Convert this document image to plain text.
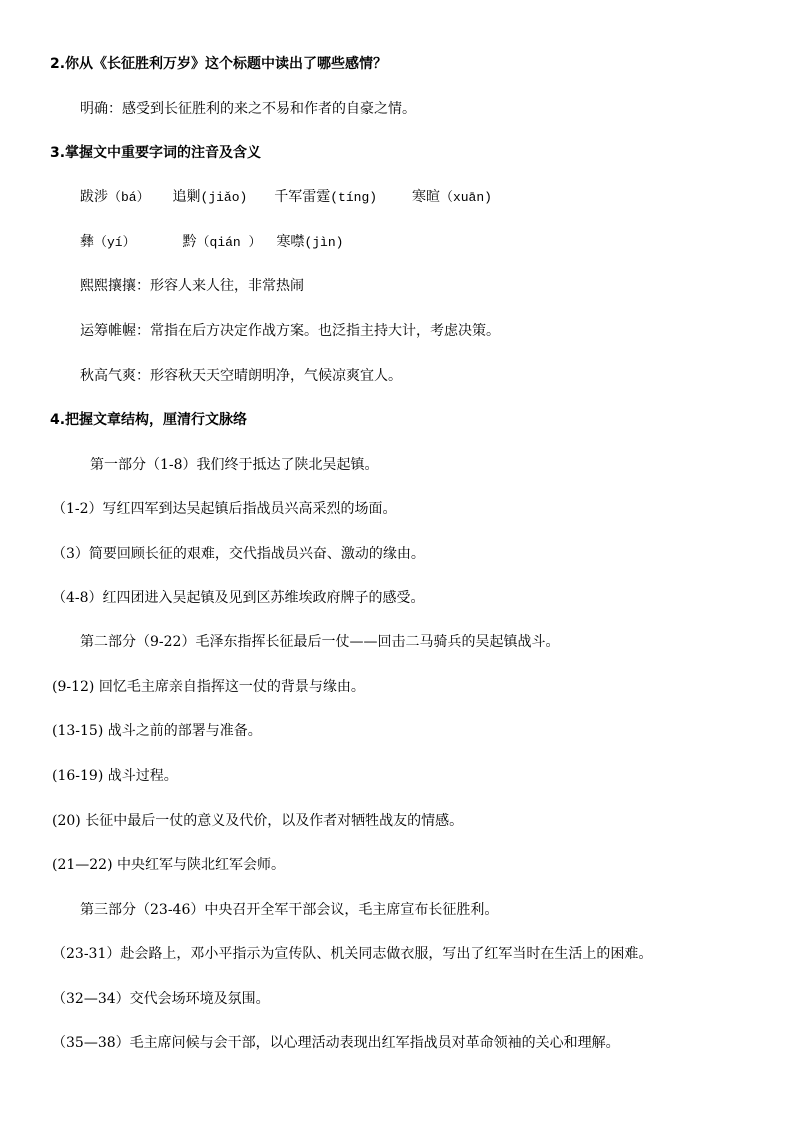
2.你从《长征胜利万岁》这个标题中读出了哪些感情？
明确：感受到长征胜利的来之不易和作者的自豪之情。
3.掌握文中重要字词的注音及含义
跋涉（bá） 追剿(jiǎo) 千军雷霆(tíng) 寒暄（xuān)
彝（yí）	黔（qián ） 寒噤(jìn)
熙熙攘攘：形容人来人往，非常热闹
运筹帷幄：常指在后方决定作战方案。也泛指主持大计，考虑决策。
秋高气爽：形容秋天天空晴朗明净，气候凉爽宜人。
4.把握文章结构，厘清行文脉络
第一部分（1-8）我们终于抵达了陕北吴起镇。
（1-2）写红四军到达吴起镇后指战员兴高采烈的场面。
（3）简要回顾长征的艰难，交代指战员兴奋、激动的缘由。
（4-8）红四团进入吴起镇及见到区苏维埃政府牌子的感受。
第二部分（9-22）毛泽东指挥长征最后一仗——回击二马骑兵的吴起镇战斗。
(9-12) 回忆毛主席亲自指挥这一仗的背景与缘由。
(13-15) 战斗之前的部署与准备。
(16-19) 战斗过程。
(20) 长征中最后一仗的意义及代价，以及作者对牺牲战友的情感。
(21—22) 中央红军与陕北红军会师。
第三部分（23-46）中央召开全军干部会议，毛主席宣布长征胜利。
（23-31）赴会路上，邓小平指示为宣传队、机关同志做衣服，写出了红军当时在生活上的困难。
（32—34）交代会场环境及氛围。
（35—38）毛主席问候与会干部，以心理活动表现出红军指战员对革命领袖的关心和理解。
